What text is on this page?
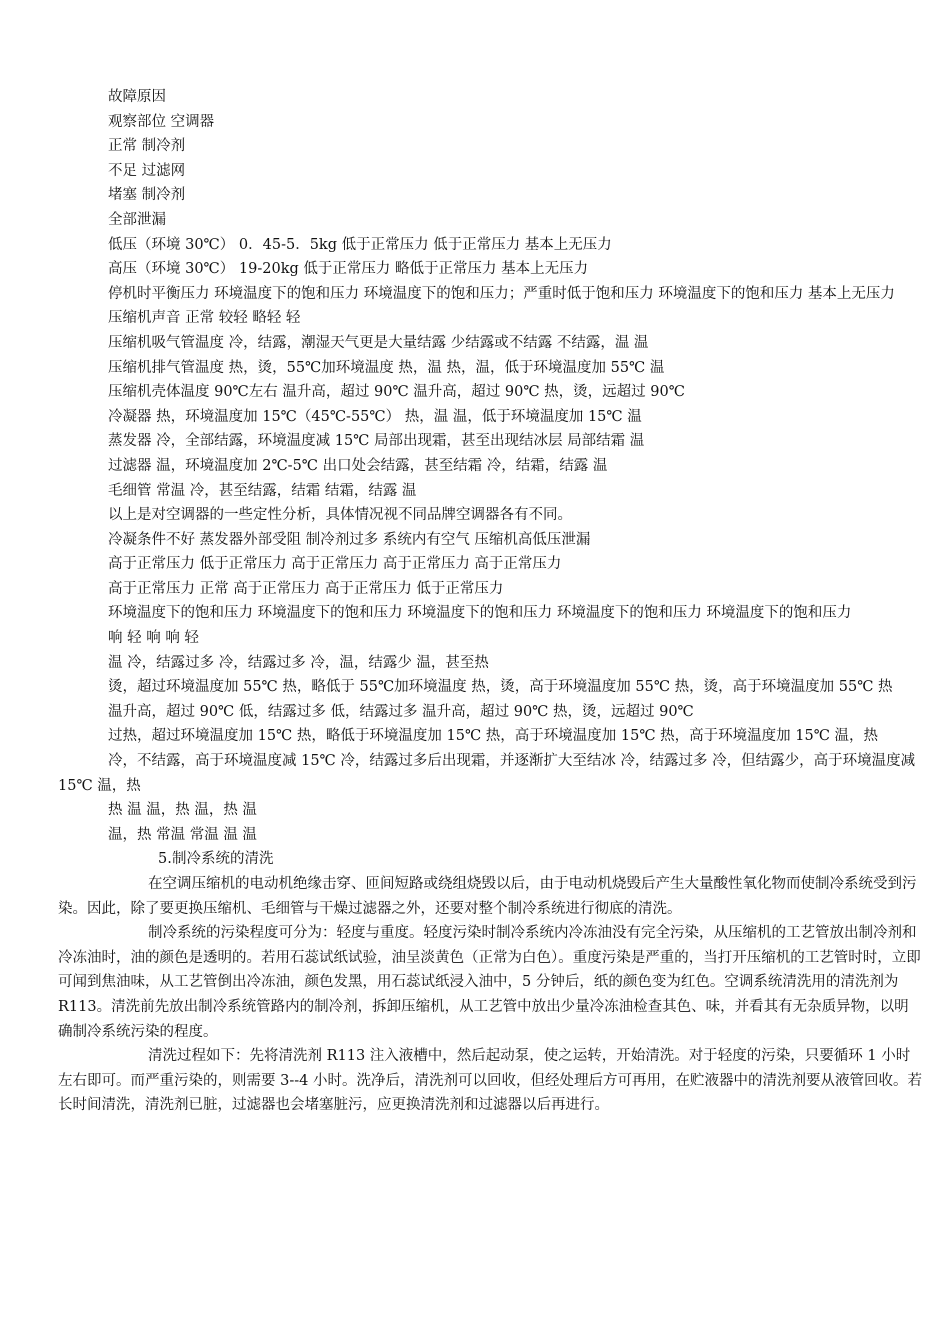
故障原因

观察部位 空调器

正常 制冷剂

不足 过滤网

堵塞 制冷剂

全部泄漏

低压（环境 30℃） 0．45-5．5kg 低于正常压力 低于正常压力 基本上无压力

高压（环境 30℃） 19-20kg 低于正常压力 略低于正常压力 基本上无压力

停机时平衡压力 环境温度下的饱和压力 环境温度下的饱和压力；严重时低于饱和压力 环境温度下的饱和压力 基本上无压力

压缩机声音 正常 较轻 略轻 轻

压缩机吸气管温度 冷，结露，潮湿天气更是大量结露 少结露或不结露 不结露，温 温

压缩机排气管温度 热，烫，55℃加环境温度 热，温 热，温，低于环境温度加 55℃ 温

压缩机壳体温度 90℃左右 温升高，超过 90℃ 温升高，超过 90℃ 热，烫，远超过 90℃

冷凝器 热，环境温度加 15℃（45℃-55℃） 热，温 温，低于环境温度加 15℃ 温

蒸发器 冷，全部结露，环境温度减 15℃ 局部出现霜，甚至出现结冰层 局部结霜 温

过滤器 温，环境温度加 2℃-5℃ 出口处会结露，甚至结霜 冷，结霜，结露 温

毛细管 常温 冷，甚至结露，结霜 结霜，结露 温

以上是对空调器的一些定性分析，具体情况视不同品牌空调器各有不同。

冷凝条件不好 蒸发器外部受阻 制冷剂过多 系统内有空气 压缩机高低压泄漏

高于正常压力 低于正常压力 高于正常压力 高于正常压力 高于正常压力

高于正常压力 正常 高于正常压力 高于正常压力 低于正常压力

环境温度下的饱和压力 环境温度下的饱和压力 环境温度下的饱和压力 环境温度下的饱和压力 环境温度下的饱和压力

响 轻 响 响 轻

温 冷，结露过多 冷，结露过多 冷，温，结露少 温，甚至热

烫，超过环境温度加 55℃ 热，略低于 55℃加环境温度 热，烫，高于环境温度加 55℃ 热，烫，高于环境温度加 55℃ 热

温升高，超过 90℃ 低，结露过多 低，结露过多 温升高，超过 90℃ 热，烫，远超过 90℃

过热，超过环境温度加 15℃ 热，略低于环境温度加 15℃ 热，高于环境温度加 15℃ 热，高于环境温度加 15℃ 温，热

冷，不结露，高于环境温度减 15℃ 冷，结露过多后出现霜，并逐渐扩大至结冰 冷，结露过多 冷，但结露少，高于环境温度减 15℃ 温，热

热 温 温，热 温，热 温

温，热 常温 常温 温 温

5.制冷系统的清洗

在空调压缩机的电动机绝缘击穿、匝间短路或绕组烧毁以后，由于电动机烧毁后产生大量酸性氧化物而使制冷系统受到污染。因此，除了要更换压缩机、毛细管与干燥过滤器之外，还要对整个制冷系统进行彻底的清洗。

制冷系统的污染程度可分为：轻度与重度。轻度污染时制冷系统内冷冻油没有完全污染，从压缩机的工艺管放出制冷剂和冷冻油时，油的颜色是透明的。若用石蕊试纸试验，油呈淡黄色（正常为白色）。重度污染是严重的，当打开压缩机的工艺管时时，立即可闻到焦油味，从工艺管倒出冷冻油，颜色发黑，用石蕊试纸浸入油中，5 分钟后，纸的颜色变为红色。空调系统清洗用的清洗剂为 R113。清洗前先放出制冷系统管路内的制冷剂，拆卸压缩机，从工艺管中放出少量冷冻油检查其色、味，并看其有无杂质异物，以明确制冷系统污染的程度。

清洗过程如下：先将清洗剂 R113 注入液槽中，然后起动泵，使之运转，开始清洗。对于轻度的污染，只要循环 1 小时左右即可。而严重污染的，则需要 3--4 小时。洗净后，清洗剂可以回收，但经处理后方可再用，在贮液器中的清洗剂要从液管回收。若长时间清洗，清洗剂已脏，过滤器也会堵塞脏污，应更换清洗剂和过滤器以后再进行。
